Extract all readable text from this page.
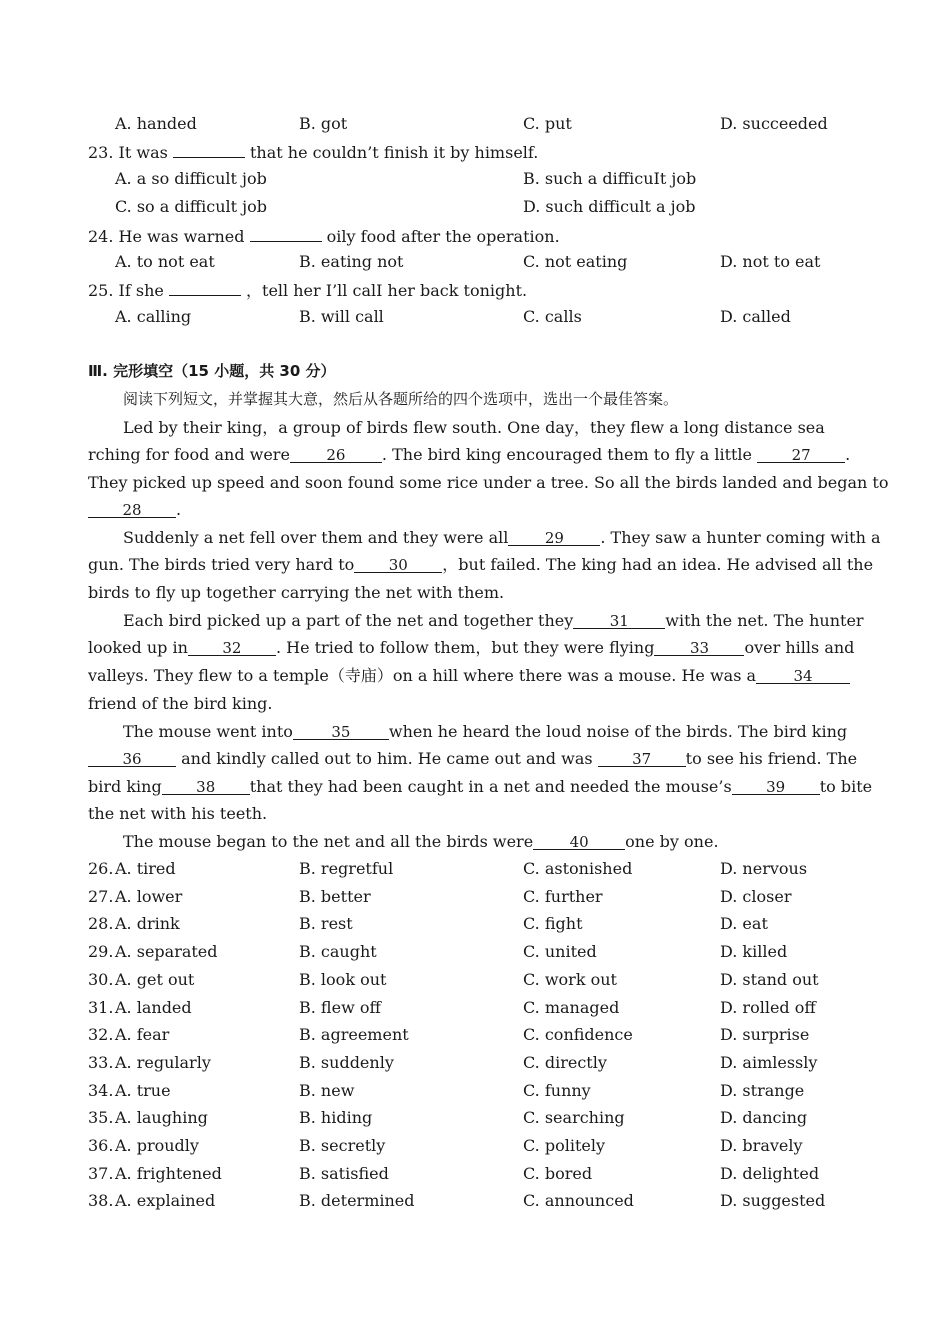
A. handed	B. got	C. put	D. succeeded
23. It was	that he couldn’t finish it by himself.
A. a so difficult job	B. such a difficuIt job
C. so a difficult job	D. such difficult a job
24. He was warned	oily food after the operation.
A. to not eat	B. eating not	C. not eating	D. not to eat
25. If she	，tell her I’ll calI her back tonight.
A. calling	B. will call	C. calls	D. called
Ⅲ. 完形填空（15 小题，共 30 分）
阅读下列短文，并掌握其大意，然后从各题所给的四个选项中，选出一个最佳答案。
Led by their king，a group of birds flew south. One day，they flew a long distance sea
rching for food and were 26 . The bird king encouraged them to fly a little	27 .
They picked up speed and soon found some rice under a tree. So all the birds landed and began to
28 .
Suddenly a net fell over them and they were all 29 . They saw a hunter coming with a
gun. The birds tried very hard to 30 ，but failed. The king had an idea. He advised all the
birds to fly up together carrying the net with them.
Each bird picked up a part of the net and together they 31 with the net. The hunter
looked up in 32 . He tried to follow them，but they were flying 33 over hills and
valleys. They flew to a temple（寺庙）on a hill where there was a mouse. He was a 34
friend of the bird king.
The mouse went into	35 when he heard the loud noise of the birds. The bird king
36 and kindly called out to him. He came out and was	37 to see his friend. The
bird king 38 that they had been caught in a net and needed the mouse’s 39 to bite
the net with his teeth.
The mouse began to the net and all the birds were 40 one by one.
26. A. tired	B. regretful	C. astonished	D. nervous
27. A. lower	B. better	C. further	D. closer
28. A. drink	B. rest	C. fight	D. eat
29. A. separated	B. caught	C. united	D. killed
30. A. get out	B. look out	C. work out	D. stand out
31. A. landed	B. flew off	C. managed	D. rolled off
32. A. fear	B. agreement	C. confidence	D. surprise
33. A. regularly	B. suddenly	C. directly	D. aimlessly
34. A. true	B. new	C. funny	D. strange
35. A. laughing	B. hiding	C. searching	D. dancing
36. A. proudly	B. secretly	C. politely	D. bravely
37. A. frightened	B. satisfied	C. bored	D. delighted
38. A. explained	B. determined	C. announced	D. suggested
